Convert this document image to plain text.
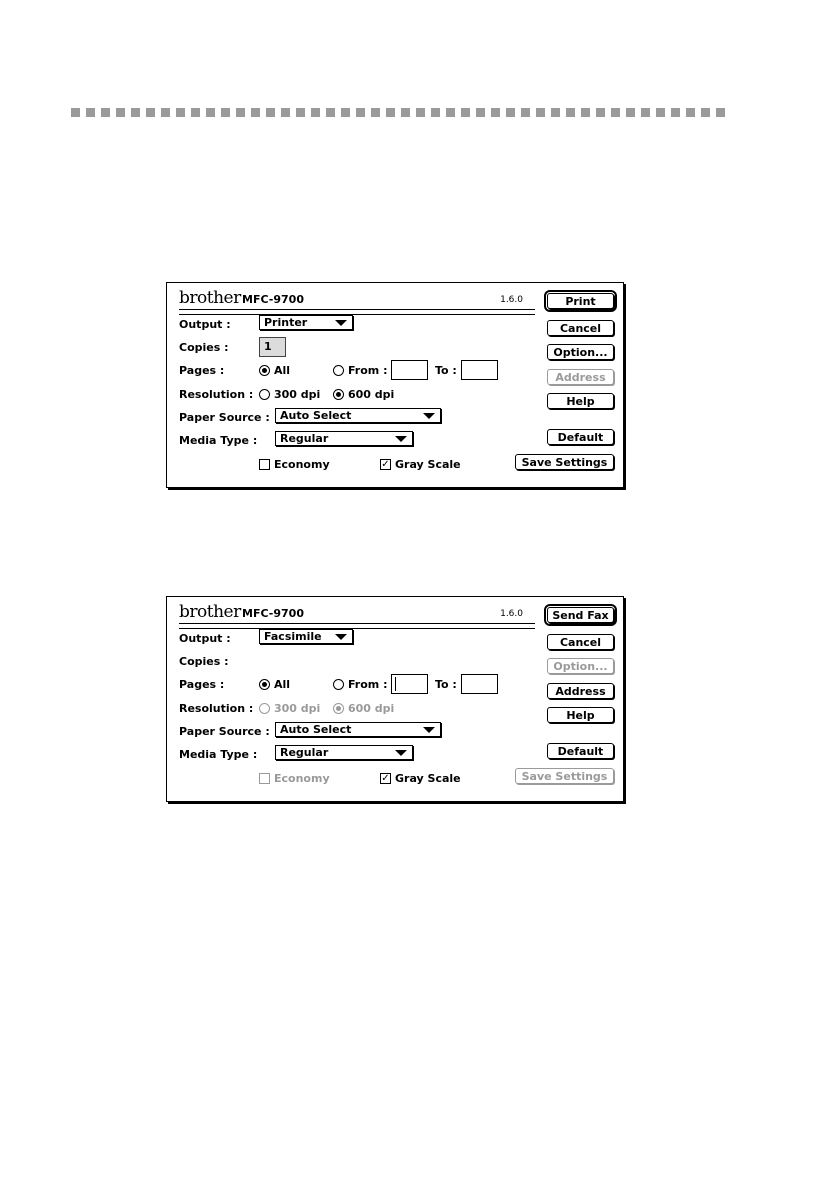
brother MFC-9700	1.6.0
Output :	Printer
Copies :	1
Pages :	All	From :	To :
Resolution : 300 dpi	600 dpi
Paper Source : Auto Select
Media Type :	Regular
Economy	✓ Gray Scale
Print
Cancel
Option...
Address
Help
Default
Save Settings
brother MFC-9700	1.6.0
Output :	Facsimile
Copies :
Pages :	All	From :	To :
Resolution : 300 dpi	600 dpi
Paper Source : Auto Select
Media Type :	Regular
Economy	✓ Gray Scale
Send Fax
Cancel
Option...
Address
Help
Default
Save Settings
